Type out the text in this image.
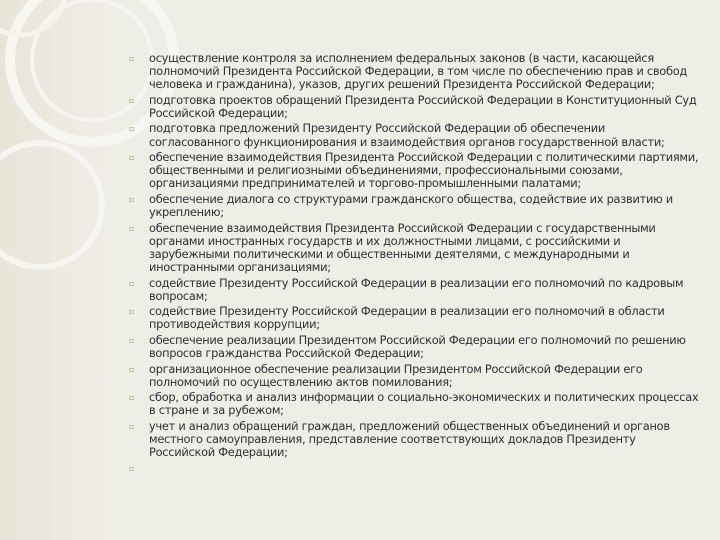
▫ осуществление контроля за исполнением федеральных законов (в части, касающейся полномочий Президента Российской Федерации, в том числе по обеспечению прав и свобод человека и гражданина), указов, других решений Президента Российской Федерации;
▫ подготовка проектов обращений Президента Российской Федерации в Конституционный Суд Российской Федерации;
▫ подготовка предложений Президенту Российской Федерации об обеспечении согласованного функционирования и взаимодействия органов государственной власти;
▫ обеспечение взаимодействия Президента Российской Федерации с политическими партиями, общественными и религиозными объединениями, профессиональными союзами, организациями предпринимателей и торгово-промышленными палатами;
▫ обеспечение диалога со структурами гражданского общества, содействие их развитию и укреплению;
▫ обеспечение взаимодействия Президента Российской Федерации с государственными органами иностранных государств и их должностными лицами, с российскими и зарубежными политическими и общественными деятелями, с международными и иностранными организациями;
▫ содействие Президенту Российской Федерации в реализации его полномочий по кадровым вопросам;
▫ содействие Президенту Российской Федерации в реализации его полномочий в области противодействия коррупции;
▫ обеспечение реализации Президентом Российской Федерации его полномочий по решению вопросов гражданства Российской Федерации;
▫ организационное обеспечение реализации Президентом Российской Федерации его полномочий по осуществлению актов помилования;
▫ сбор, обработка и анализ информации о социально-экономических и политических процессах в стране и за рубежом;
▫ учет и анализ обращений граждан, предложений общественных объединений и органов местного самоуправления, представление соответствующих докладов Президенту Российской Федерации;
▫
